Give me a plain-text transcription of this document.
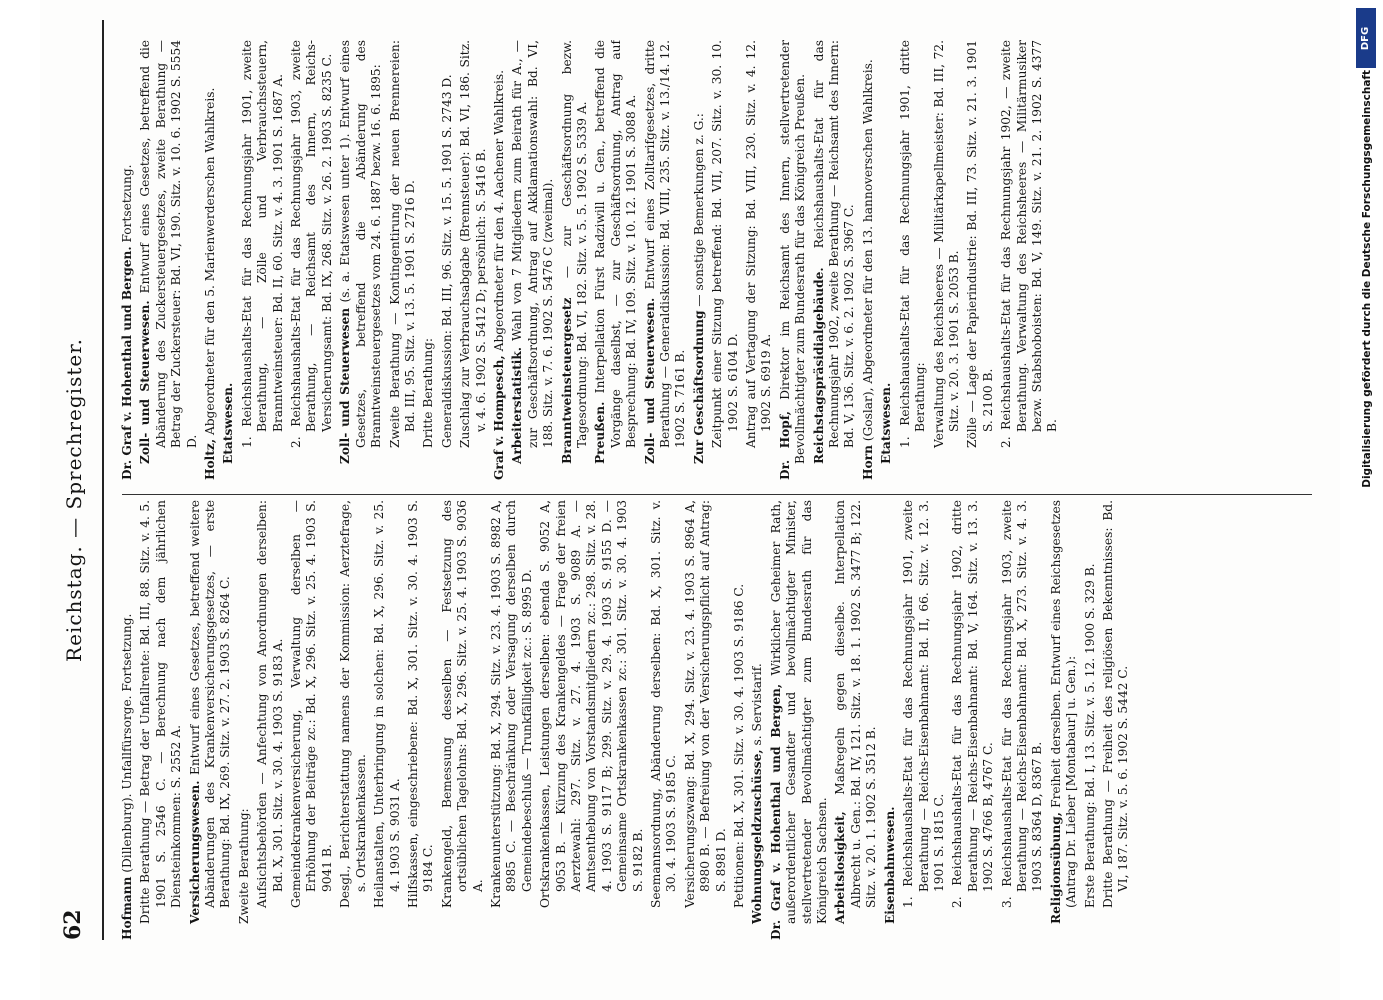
62
Reichstag. — Sprechregister.

Hofmann (Dillenburg). Unfallfürsorge. Fortsetzung. Dritte Berathung — Betrag der Unfallrente: Bd. III, 88. Sitz. v. 4. 5. 1901 S. 2546 C. — Berechnung nach dem jährlichen Diensteinkommen: S. 2552 A. Versicherungswesen. Entwurf eines Gesetzes, betreffend weitere Abänderungen des Krankenversicherungsgesetzes, — erste Berathung: Bd. IX, 269. Sitz. v. 27. 2. 1903 S. 8264 C. Zweite Berathung: Aufsichtsbehörden — Anfechtung von Anordnungen derselben: Bd. X, 301. Sitz. v. 30. 4. 1903 S. 9183 A. Gemeindekrankenversicherung, Verwaltung derselben — Erhöhung der Beiträge zc.: Bd. X, 296. Sitz. v. 25. 4. 1903 S. 9041 B. Desgl., Berichterstattung namens der Kommission: Aerztefrage, s. Ortskrankenkassen. Heilanstalten, Unterbringung in solchen: Bd. X, 296. Sitz. v. 25. 4. 1903 S. 9031 A. Hilfskassen, eingeschriebene: Bd. X, 301. Sitz. v. 30. 4. 1903 S. 9184 C. Krankengeld, Bemessung desselben — Festsetzung des ortsüblichen Tagelohns: Bd. X, 296. Sitz. v. 25. 4. 1903 S. 9036 A. Krankenunterstützung: Bd. X, 294. Sitz. v. 23. 4. 1903 S. 8982 A, 8985 C. — Beschränkung oder Versagung derselben durch Gemeindebeschluß — Trunkfälligkeit zc.: S. 8995 D. Ortskrankenkassen, Leistungen derselben: ebenda S. 9052 A, 9053 B. — Kürzung des Krankengeldes — Frage der freien Aerztewahl: 297. Sitz. v. 27. 4. 1903 S. 9089 A. — Amtsenthebung von Vorstandsmitgliedern zc.: 298. Sitz. v. 28. 4. 1903 S. 9117 B; 299. Sitz. v. 29. 4. 1903 S. 9155 D. — Gemeinsame Ortskrankenkassen zc.: 301. Sitz. v. 30. 4. 1903 S. 9182 B. Seemannsordnung, Abänderung derselben: Bd. X, 301. Sitz. v. 30. 4. 1903 S. 9185 C. Versicherungszwang: Bd. X, 294. Sitz. v. 23. 4. 1903 S. 8964 A, 8980 B. — Befreiung von der Versicherungspflicht auf Antrag: S. 8981 D. Petitionen: Bd. X, 301. Sitz. v. 30. 4. 1903 S. 9186 C. Wohnungsgeldzuschüsse, s. Servistarif. Dr. Graf v. Hohenthal und Bergen, Wirklicher Geheimer Rath, außerordentlicher Gesandter und bevollmächtigter Minister, stellvertretender Bevollmächtigter zum Bundesrath für das Königreich Sachsen. Arbeitslosigkeit, Maßregeln gegen dieselbe. Interpellation Albrecht u. Gen.: Bd. IV, 121. Sitz. v. 18. 1. 1902 S. 3477 B; 122. Sitz. v. 20. 1. 1902 S. 3512 B. Eisenbahnwesen. 1. Reichshaushalts-Etat für das Rechnungsjahr 1901, zweite Berathung — Reichs-Eisenbahnamt: Bd. II, 66. Sitz. v. 12. 3. 1901 S. 1815 C. 2. Reichshaushalts-Etat für das Rechnungsjahr 1902, dritte Berathung — Reichs-Eisenbahnamt: Bd. V, 164. Sitz. v. 13. 3. 1902 S. 4766 B, 4767 C. 3. Reichshaushalts-Etat für das Rechnungsjahr 1903, zweite Berathung — Reichs-Eisenbahnamt: Bd. X, 273. Sitz. v. 4. 3. 1903 S. 8364 D, 8367 B. Religionsübung, Freiheit derselben. Entwurf eines Reichsgesetzes (Antrag Dr. Lieber [Montabaur] u. Gen.): Erste Berathung: Bd. I, 13. Sitz. v. 5. 12. 1900 S. 329 B. Dritte Berathung — Freiheit des religiösen Bekenntnisses: Bd. VI, 187. Sitz. v. 5. 6. 1902 S. 5442 C.

Dr. Graf v. Hohenthal und Bergen. Fortsetzung.

Zoll- und Steuerwesen. Entwurf eines Gesetzes, betreffend die Abänderung des Zuckersteuergesetzes, zweite Berathung — Betrag der Zuckersteuer: Bd. VI, 190. Sitz. v. 10. 6. 1902 S. 5554 D. Holtz, Abgeordneter für den 5. Marienwerderschen Wahlkreis. Etatswesen. 1. Reichshaushalts-Etat für das Rechnungsjahr 1901, zweite Berathung, — Zölle und Verbrauchssteuern, Branntweinsteuer: Bd. II, 60. Sitz. v. 4. 3. 1901 S. 1687 A. 2. Reichshaushalts-Etat für das Rechnungsjahr 1903, zweite Berathung, — Reichsamt des Innern, Reichs-Versicherungsamt: Bd. IX, 268. Sitz. v. 26. 2. 1903 S. 8235 C. Zoll- und Steuerwesen (s. a. Etatswesen unter 1). Entwurf eines Gesetzes, betreffend die Abänderung des Branntweinsteuergesetzes vom 24. 6. 1887 bezw. 16. 6. 1895: Zweite Berathung — Kontingentirung der neuen Brennereien: Bd. III, 95. Sitz. v. 13. 5. 1901 S. 2716 D. Dritte Berathung: Generaldiskussion: Bd. III, 96. Sitz. v. 15. 5. 1901 S. 2743 D. Zuschlag zur Verbrauchsabgabe (Brennsteuer): Bd. VI, 186. Sitz. v. 4. 6. 1902 S. 5412 D; persönlich: S. 5416 B. Graf v. Hompesch, Abgeordneter für den 4. Aachener Wahlkreis.

Arbeiterstatistik. Wahl von 7 Mitgliedern zum Beirath für A., — zur Geschäftsordnung, Antrag auf Akklamationswahl: Bd. VI, 188. Sitz. v. 7. 6. 1902 S. 5476 C (zweimal). Branntweinsteuergesetz — zur Geschäftsordnung bezw. Tagesordnung: Bd. VI, 182. Sitz. v. 5. 5. 1902 S. 5339 A. Preußen. Interpellation Fürst Radziwill u. Gen., betreffend die Vorgänge daselbst, — zur Geschäftsordnung, Antrag auf Besprechung: Bd. IV, 109. Sitz. v. 10. 12. 1901 S. 3088 A. Zoll- und Steuerwesen. Entwurf eines Zolltarifgesetzes, dritte Berathung — Generaldiskussion: Bd. VIII, 235. Sitz. v. 13./14. 12. 1902 S. 7161 B. Zur Geschäftsordnung — sonstige Bemerkungen z. G.: Zeitpunkt einer Sitzung betreffend: Bd. VII, 207. Sitz. v. 30. 10. 1902 S. 6104 D. Antrag auf Vertagung der Sitzung: Bd. VIII, 230. Sitz. v. 4. 12. 1902 S. 6919 A.

Dr. Hopf, Direktor im Reichsamt des Innern, stellvertretender Bevollmächtigter zum Bundesrath für das Königreich Preußen. Reichstagspräsidialgebäude. Reichshaushalts-Etat für das Rechnungsjahr 1902, zweite Berathung — Reichsamt des Innern: Bd. V, 136. Sitz. v. 6. 2. 1902 S. 3967 C.

Horn (Goslar), Abgeordneter für den 13. hannoverschen Wahlkreis. Etatswesen. 1. Reichshaushalts-Etat für das Rechnungsjahr 1901, dritte Berathung: Verwaltung des Reichsheeres — Militärkapellmeister: Bd. III, 72. Sitz. v. 20. 3. 1901 S. 2053 B. Zölle — Lage der Papierindustrie: Bd. III, 73. Sitz. v. 21. 3. 1901 S. 2100 B. 2. Reichshaushalts-Etat für das Rechnungsjahr 1902, — zweite Berathung. Verwaltung des Reichsheeres — Militärmusiker bezw. Stabshoboisten: Bd. V, 149. Sitz. v. 21. 2. 1902 S. 4377 B.

DFG
Digitalisierung gefördert durch die Deutsche Forschungsgemeinschaft
